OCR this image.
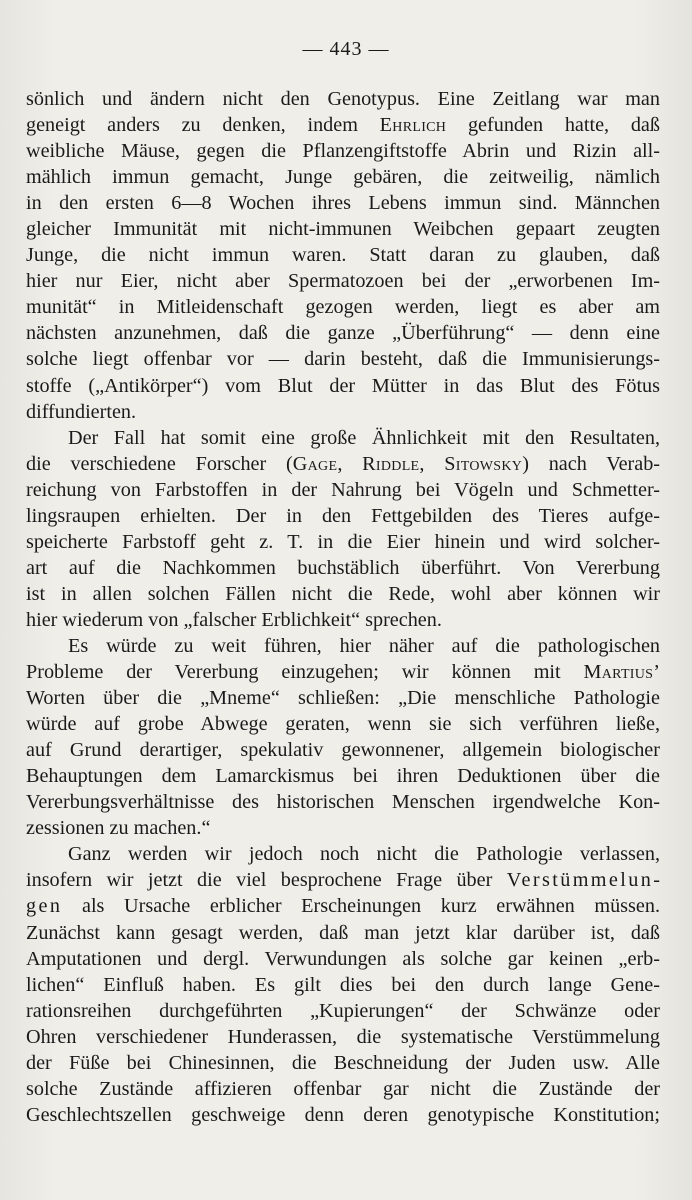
— 443 —
sönlich und ändern nicht den Genotypus. Eine Zeitlang war man
geneigt anders zu denken, indem Ehrlich gefunden hatte, daß
weibliche Mäuse, gegen die Pflanzengiftstoffe Abrin und Rizin all-
mählich immun gemacht, Junge gebären, die zeitweilig, nämlich
in den ersten 6—8 Wochen ihres Lebens immun sind. Männchen
gleicher Immunität mit nicht-immunen Weibchen gepaart zeugten
Junge, die nicht immun waren. Statt daran zu glauben, daß
hier nur Eier, nicht aber Spermatozoen bei der „erworbenen Im-
munität“ in Mitleidenschaft gezogen werden, liegt es aber am
nächsten anzunehmen, daß die ganze „Überführung“ — denn eine
solche liegt offenbar vor — darin besteht, daß die Immunisierungs-
stoffe („Antikörper“) vom Blut der Mütter in das Blut des Fötus
diffundierten.
Der Fall hat somit eine große Ähnlichkeit mit den Resultaten,
die verschiedene Forscher (Gage, Riddle, Sitowsky) nach Verab-
reichung von Farbstoffen in der Nahrung bei Vögeln und Schmetter-
lingsraupen erhielten. Der in den Fettgebilden des Tieres aufge-
speicherte Farbstoff geht z. T. in die Eier hinein und wird solcher-
art auf die Nachkommen buchstäblich überführt. Von Vererbung
ist in allen solchen Fällen nicht die Rede, wohl aber können wir
hier wiederum von „falscher Erblichkeit“ sprechen.
Es würde zu weit führen, hier näher auf die pathologischen
Probleme der Vererbung einzugehen; wir können mit Martius’
Worten über die „Mneme“ schließen: „Die menschliche Pathologie
würde auf grobe Abwege geraten, wenn sie sich verführen ließe,
auf Grund derartiger, spekulativ gewonnener, allgemein biologischer
Behauptungen dem Lamarckismus bei ihren Deduktionen über die
Vererbungsverhältnisse des historischen Menschen irgendwelche Kon-
zessionen zu machen.“
Ganz werden wir jedoch noch nicht die Pathologie verlassen,
insofern wir jetzt die viel besprochene Frage über Verstümmelun-
gen als Ursache erblicher Erscheinungen kurz erwähnen müssen.
Zunächst kann gesagt werden, daß man jetzt klar darüber ist, daß
Amputationen und dergl. Verwundungen als solche gar keinen „erb-
lichen“ Einfluß haben. Es gilt dies bei den durch lange Gene-
rationsreihen durchgeführten „Kupierungen“ der Schwänze oder
Ohren verschiedener Hunderassen, die systematische Verstümmelung
der Füße bei Chinesinnen, die Beschneidung der Juden usw. Alle
solche Zustände affizieren offenbar gar nicht die Zustände der
Geschlechtszellen geschweige denn deren genotypische Konstitution;
